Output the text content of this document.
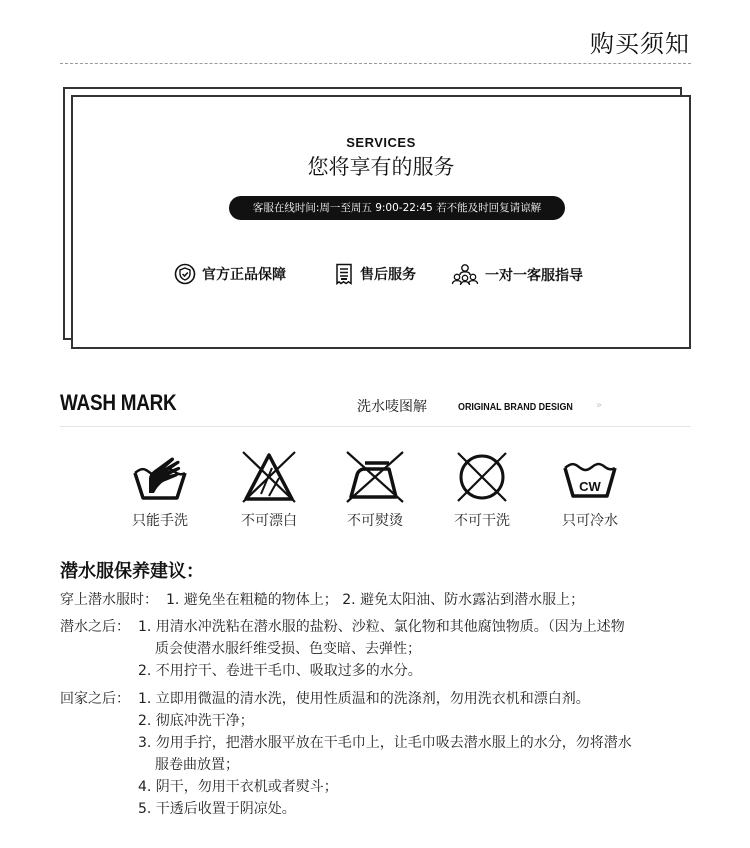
购买须知
SERVICES
您将享有的服务
客服在线时间:周一至周五 9:00-22:45 若不能及时回复请谅解
官方正品保障	售后服务	一对一客服指导
WASH MARK	洗水唛图解	ORIGINAL BRAND DESIGN »
只能手洗	不可漂白	不可熨烫	不可干洗
CW
只可冷水
潜水服保养建议：
穿上潜水服时： 1. 避免坐在粗糙的物体上； 2. 避免太阳油、防水露沾到潜水服上；
潜水之后： 1. 用清水冲洗粘在潜水服的盐粉、沙粒、氯化物和其他腐蚀物质。（因为上述物
质会使潜水服纤维受损、色变暗、去弹性；
2. 不用拧干、卷进干毛巾、吸取过多的水分。
回家之后： 1. 立即用微温的清水洗，使用性质温和的洗涤剂，勿用洗衣机和漂白剂。
2. 彻底冲洗干净；
3. 勿用手拧，把潜水服平放在干毛巾上，让毛巾吸去潜水服上的水分，勿将潜水
服卷曲放置；
4. 阴干，勿用干衣机或者熨斗；
5. 干透后收置于阴凉处。
